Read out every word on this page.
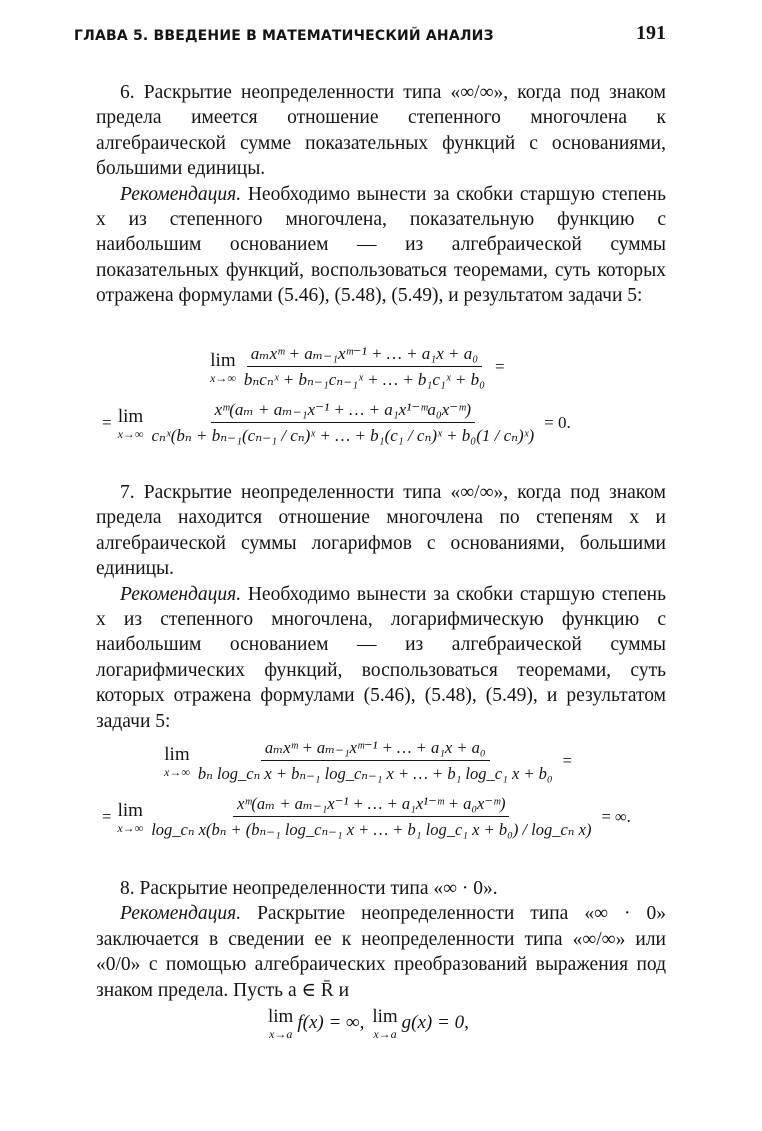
ГЛАВА 5. ВВЕДЕНИЕ В МАТЕМАТИЧЕСКИЙ АНАЛИЗ	191

6. Раскрытие неопределенности типа «∞/∞», когда под знаком предела имеется отношение степенного многочлена к алгебраической сумме показательных функций с основаниями, большими единицы.

Рекомендация. Необходимо вынести за скобки старшую степень x из степенного многочлена, показательную функцию с наибольшим основанием — из алгебраической суммы показательных функций, воспользоваться теоремами, суть которых отражена формулами (5.46), (5.48), (5.49), и результатом задачи 5:

lim
$x\to\infty \frac{\text{aₘxᵐ + aₘ₋₁xᵐ⁻¹ + … + a₁x + a₀}}{\text{bₙcₙˣ + bₙ₋₁cₙ₋₁ˣ + … + b₁c₁ˣ + b₀}}$ =
= lim
$x\to\infty \frac{\text{xᵐ(aₘ + aₘ₋₁x⁻¹ + … + a₁x¹⁻ᵐa₀x⁻ᵐ)}}{\text{cₙˣ(bₙ + bₙ₋₁(cₙ₋₁ / cₙ)ˣ + … + b₁(c₁ / cₙ)ˣ + b₀(1 / cₙ)ˣ)}} = 0$.

7. Раскрытие неопределенности типа «∞/∞», когда под знаком предела находится отношение многочлена по степеням x и алгебраической суммы логарифмов с основаниями, большими единицы.

Рекомендация. Необходимо вынести за скобки старшую степень x из степенного многочлена, логарифмическую функцию с наибольшим основанием — из алгебраической суммы логарифмических функций, воспользоваться теоремами, суть которых отражена формулами (5.46), (5.48), (5.49), и результатом задачи 5:

lim
$x\to\infty \frac{\text{aₘxᵐ + aₘ₋₁xᵐ⁻¹ + … + a₁x + a₀}}{\text{bₙ log\_cₙ x + bₙ₋₁ log\_cₙ₋₁ x + … + b₁ log\_c₁ x + b₀}}$ =
= lim
x→∞
xᵐ(aₘ + aₘ₋₁x⁻¹ + … + a₁x¹⁻ᵐ + a₀x⁻ᵐ)
log_cₙ x(bₙ + (bₙ₋₁ log_cₙ₋₁ x + … + b₁ log_c₁ x + b₀) / log_cₙ x)
= ∞.

8. Раскрытие неопределенности типа «∞ · 0».

Рекомендация. Раскрытие неопределенности типа «∞ · 0» заключается в сведении ее к неопределенности типа «∞/∞» или «0/0» с помощью алгебраических преобразований выражения под знаком предела. Пусть a ∈ R̄ и

lim
x→a
f(x) = ∞, lim
x→a
g(x) = 0,
